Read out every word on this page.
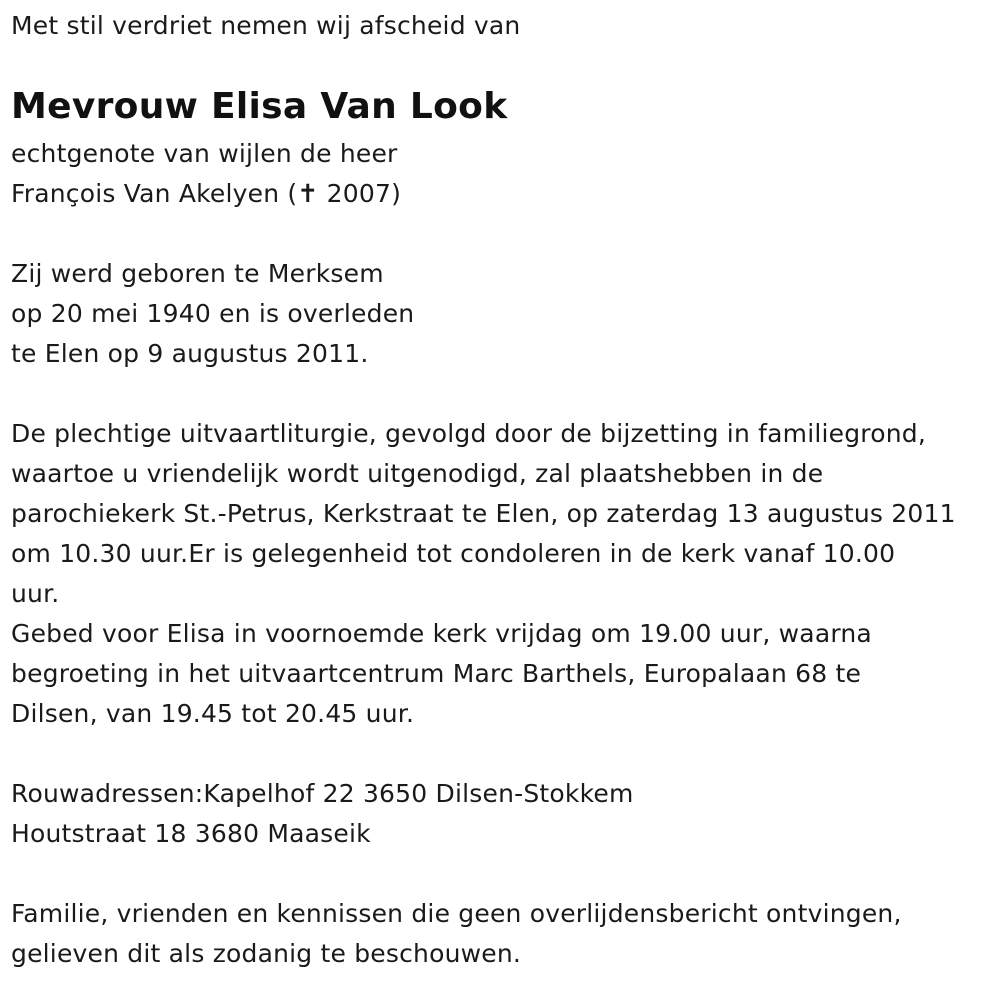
Met stil verdriet nemen wij afscheid van
Mevrouw Elisa Van Look
echtgenote van wijlen de heer
François Van Akelyen (✝ 2007)
Zij werd geboren te Merksem
op 20 mei 1940 en is overleden
te Elen op 9 augustus 2011.
De plechtige uitvaartliturgie, gevolgd door de bijzetting in familiegrond,
waartoe u vriendelijk wordt uitgenodigd, zal plaatshebben in de
parochiekerk St.-Petrus, Kerkstraat te Elen, op zaterdag 13 augustus 2011
om 10.30 uur.Er is gelegenheid tot condoleren in de kerk vanaf 10.00
uur.
Gebed voor Elisa in voornoemde kerk vrijdag om 19.00 uur, waarna
begroeting in het uitvaartcentrum Marc Barthels, Europalaan 68 te
Dilsen, van 19.45 tot 20.45 uur.
Rouwadressen:Kapelhof 22 3650 Dilsen-Stokkem
Houtstraat 18 3680 Maaseik
Familie, vrienden en kennissen die geen overlijdensbericht ontvingen,
gelieven dit als zodanig te beschouwen.
